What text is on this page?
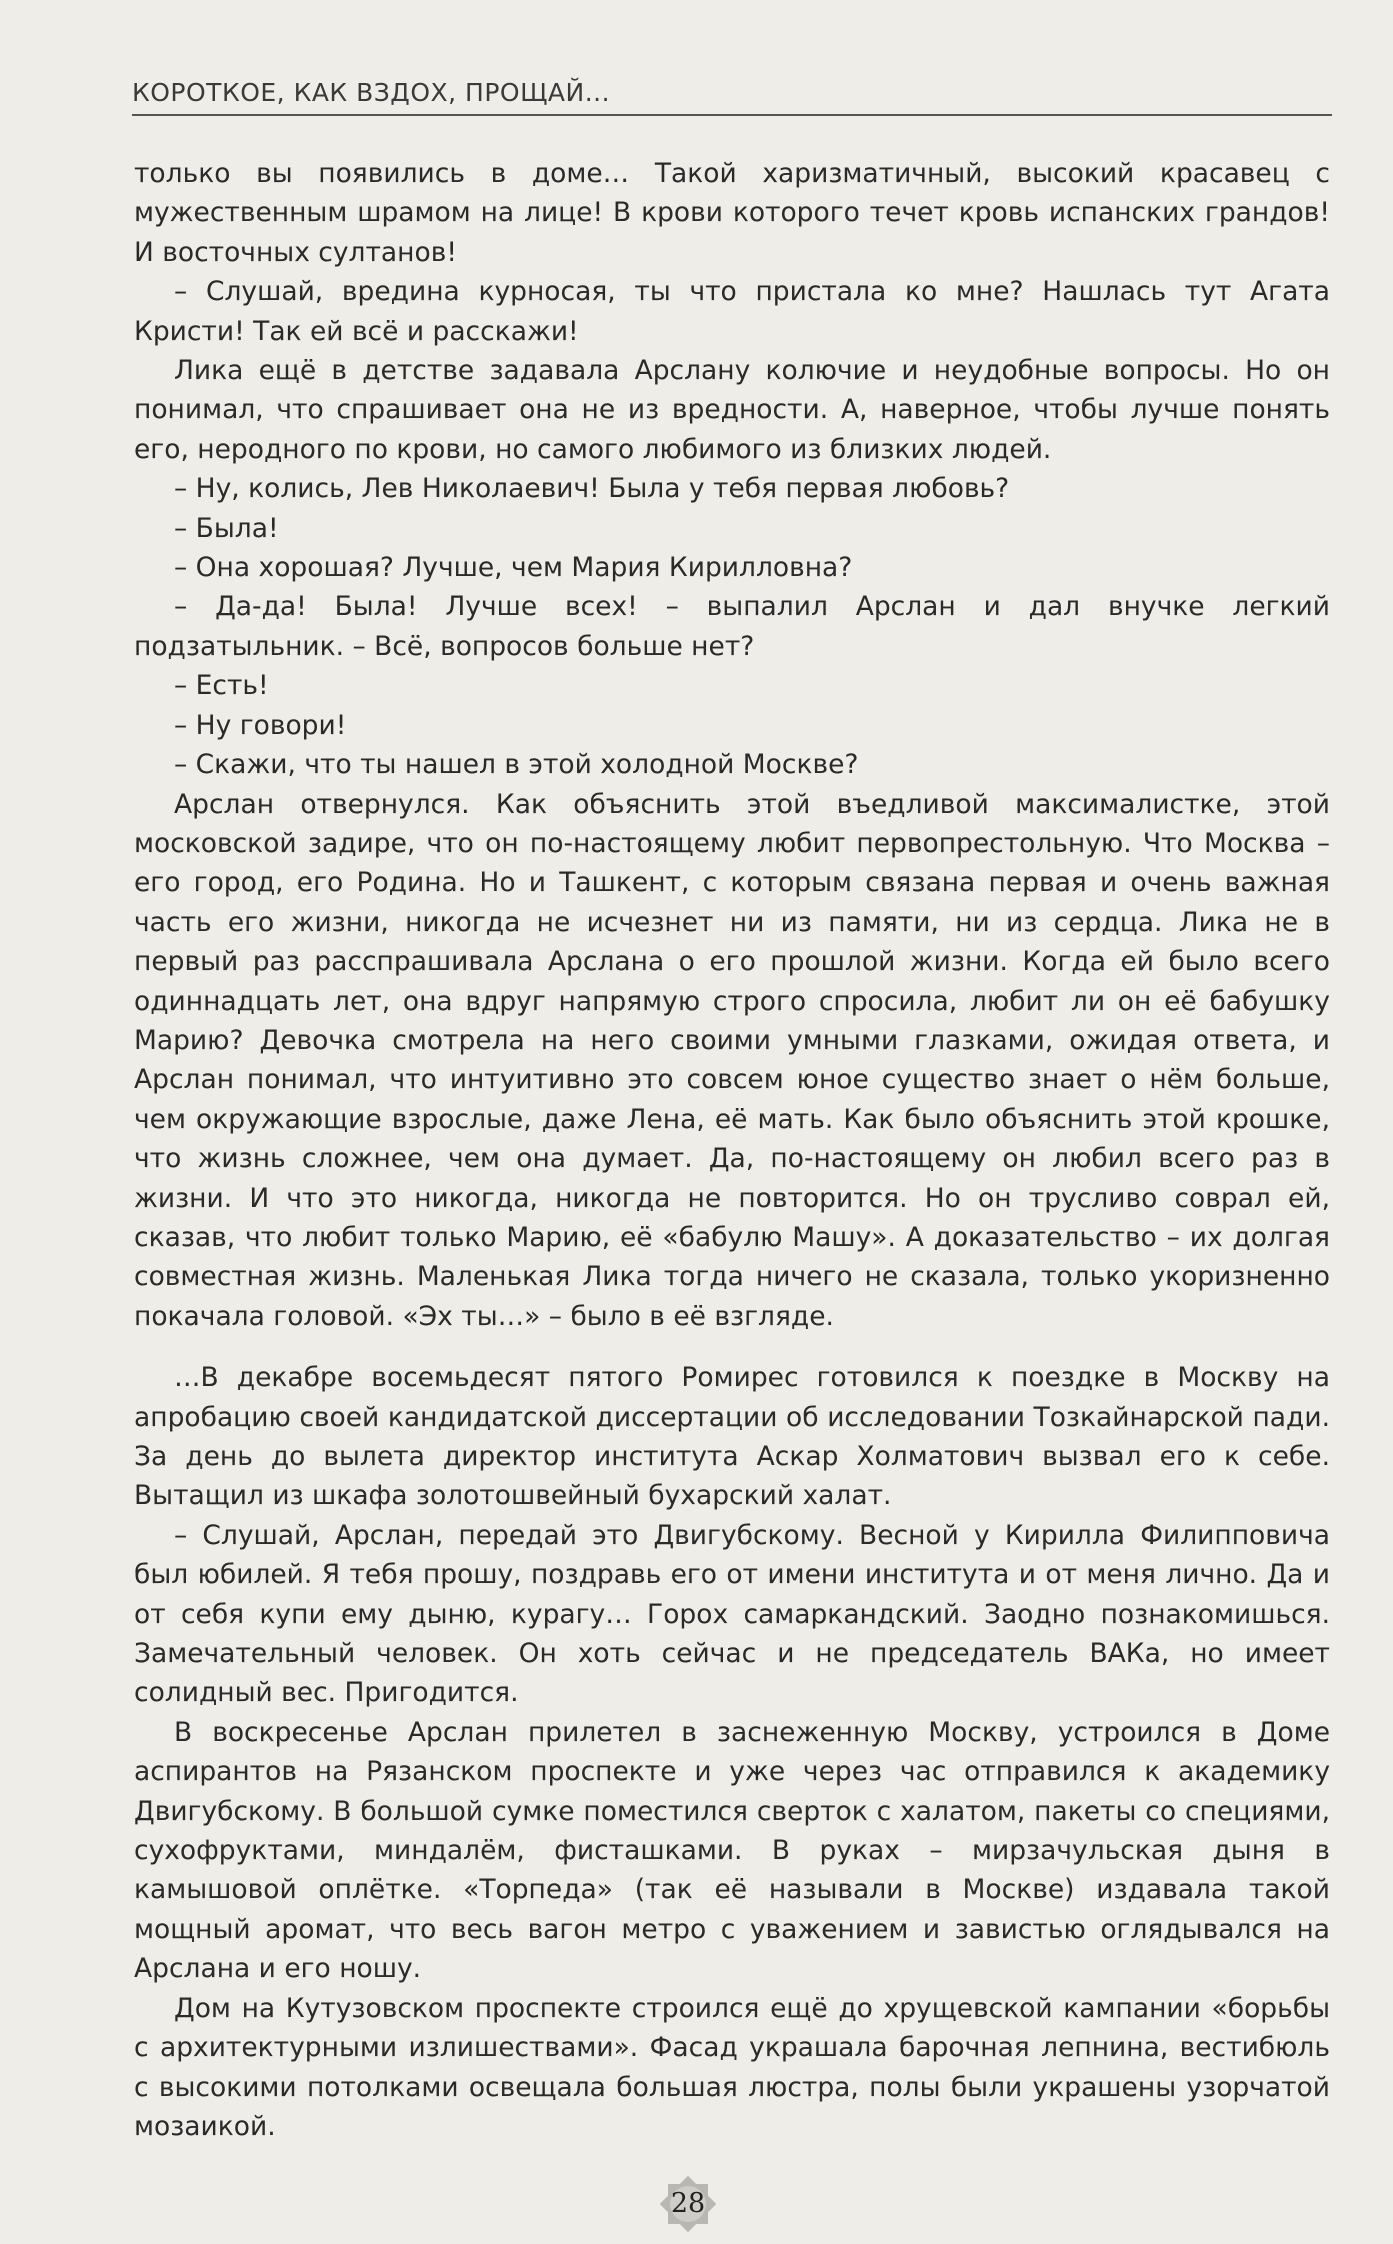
КОРОТКОЕ, КАК ВЗДОХ, ПРОЩАЙ...

только вы появились в доме… Такой харизматичный, высокий красавец с мужественным шрамом на лице! В крови которого течет кровь испанских грандов! И восточных султанов!

– Слушай, вредина курносая, ты что пристала ко мне? Нашлась тут Агата Кристи! Так ей всё и расскажи!

Лика ещё в детстве задавала Арслану колючие и неудобные вопросы. Но он понимал, что спрашивает она не из вредности. А, наверное, чтобы лучше понять его, неродного по крови, но самого любимого из близких людей.

– Ну, колись, Лев Николаевич! Была у тебя первая любовь?

– Была!

– Она хорошая? Лучше, чем Мария Кирилловна?

– Да-да! Была! Лучше всех! – выпалил Арслан и дал внучке легкий подзатыльник. – Всё, вопросов больше нет?

– Есть!

– Ну говори!

– Скажи, что ты нашел в этой холодной Москве?

Арслан отвернулся. Как объяснить этой въедливой максималистке, этой московской задире, что он по-настоящему любит первопрестольную. Что Москва – его город, его Родина. Но и Ташкент, с которым связана первая и очень важная часть его жизни, никогда не исчезнет ни из памяти, ни из сердца. Лика не в первый раз расспрашивала Арслана о его прошлой жизни. Когда ей было всего одиннадцать лет, она вдруг напрямую строго спросила, любит ли он её бабушку Марию? Девочка смотрела на него своими умными глазками, ожидая ответа, и Арслан понимал, что интуитивно это совсем юное существо знает о нём больше, чем окружающие взрослые, даже Лена, её мать. Как было объяснить этой крошке, что жизнь сложнее, чем она думает. Да, по-настоящему он любил всего раз в жизни. И что это никогда, никогда не повторится. Но он трусливо соврал ей, сказав, что любит только Марию, её «бабулю Машу». А доказательство – их долгая совместная жизнь. Маленькая Лика тогда ничего не сказала, только укоризненно покачала головой. «Эх ты…» – было в её взгляде.

…В декабре восемьдесят пятого Ромирес готовился к поездке в Москву на апробацию своей кандидатской диссертации об исследовании Тозкайнарской пади. За день до вылета директор института Аскар Холматович вызвал его к себе. Вытащил из шкафа золотошвейный бухарский халат.

– Слушай, Арслан, передай это Двигубскому. Весной у Кирилла Филипповича был юбилей. Я тебя прошу, поздравь его от имени института и от меня лично. Да и от себя купи ему дыню, курагу… Горох самаркандский. Заодно познакомишься. Замечательный человек. Он хоть сейчас и не председатель ВАКа, но имеет солидный вес. Пригодится.

В воскресенье Арслан прилетел в заснеженную Москву, устроился в Доме аспирантов на Рязанском проспекте и уже через час отправился к академику Двигубскому. В большой сумке поместился сверток с халатом, пакеты со специями, сухофруктами, миндалём, фисташками. В руках – мирзачульская дыня в камышовой оплётке. «Торпеда» (так её называли в Москве) издавала такой мощный аромат, что весь вагон метро с уважением и завистью оглядывался на Арслана и его ношу.

Дом на Кутузовском проспекте строился ещё до хрущевской кампании «борьбы с архитектурными излишествами». Фасад украшала барочная лепнина, вестибюль с высокими потолками освещала большая люстра, полы были украшены узорчатой мозаикой.

28
